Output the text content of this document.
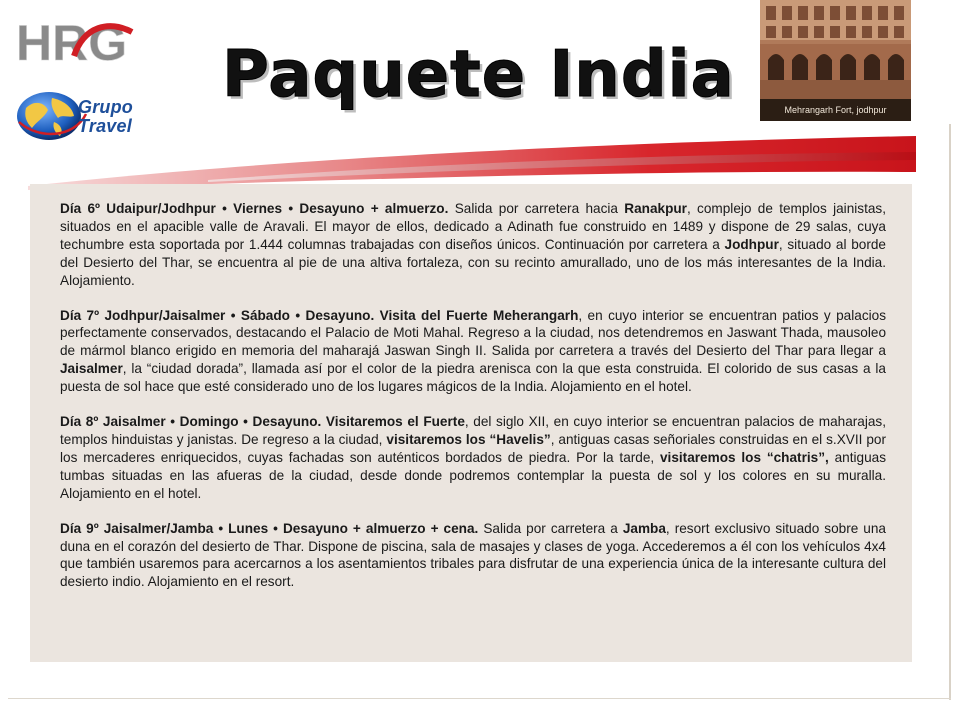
HRG
Grupo
Travel
Paquete India	Mehrangarh Fort, jodhpur

Día 6º Udaipur/Jodhpur • Viernes • Desayuno + almuerzo. Salida por carretera hacia Ranakpur, complejo de templos jainistas, situados en el apacible valle de Aravali. El mayor de ellos, dedicado a Adinath fue construido en 1489 y dispone de 29 salas, cuya techumbre esta soportada por 1.444 columnas trabajadas con diseños únicos. Continuación por carretera a Jodhpur, situado al borde del Desierto del Thar, se encuentra al pie de una altiva fortaleza, con su recinto amurallado, uno de los más interesantes de la India. Alojamiento.

Día 7º Jodhpur/Jaisalmer • Sábado • Desayuno. Visita del Fuerte Meherangarh, en cuyo interior se encuentran patios y palacios perfectamente conservados, destacando el Palacio de Moti Mahal. Regreso a la ciudad, nos detendremos en Jaswant Thada, mausoleo de mármol blanco erigido en memoria del maharajá Jaswan Singh II. Salida por carretera a través del Desierto del Thar para llegar a Jaisalmer, la “ciudad dorada”, llamada así por el color de la piedra arenisca con la que esta construida. El colorido de sus casas a la puesta de sol hace que esté considerado uno de los lugares mágicos de la India. Alojamiento en el hotel.

Día 8º Jaisalmer • Domingo • Desayuno. Visitaremos el Fuerte, del siglo XII, en cuyo interior se encuentran palacios de maharajas, templos hinduistas y janistas. De regreso a la ciudad, visitaremos los “Havelis”, antiguas casas señoriales construidas en el s.XVII por los mercaderes enriquecidos, cuyas fachadas son auténticos bordados de piedra. Por la tarde, visitaremos los “chatris”, antiguas tumbas situadas en las afueras de la ciudad, desde donde podremos contemplar la puesta de sol y los colores en su muralla. Alojamiento en el hotel.

Día 9º Jaisalmer/Jamba • Lunes • Desayuno + almuerzo + cena. Salida por carretera a Jamba, resort exclusivo situado sobre una duna en el corazón del desierto de Thar. Dispone de piscina, sala de masajes y clases de yoga. Accederemos a él con los vehículos 4x4 que también usaremos para acercarnos a los asentamientos tribales para disfrutar de una experiencia única de la interesante cultura del desierto indio. Alojamiento en el resort.
